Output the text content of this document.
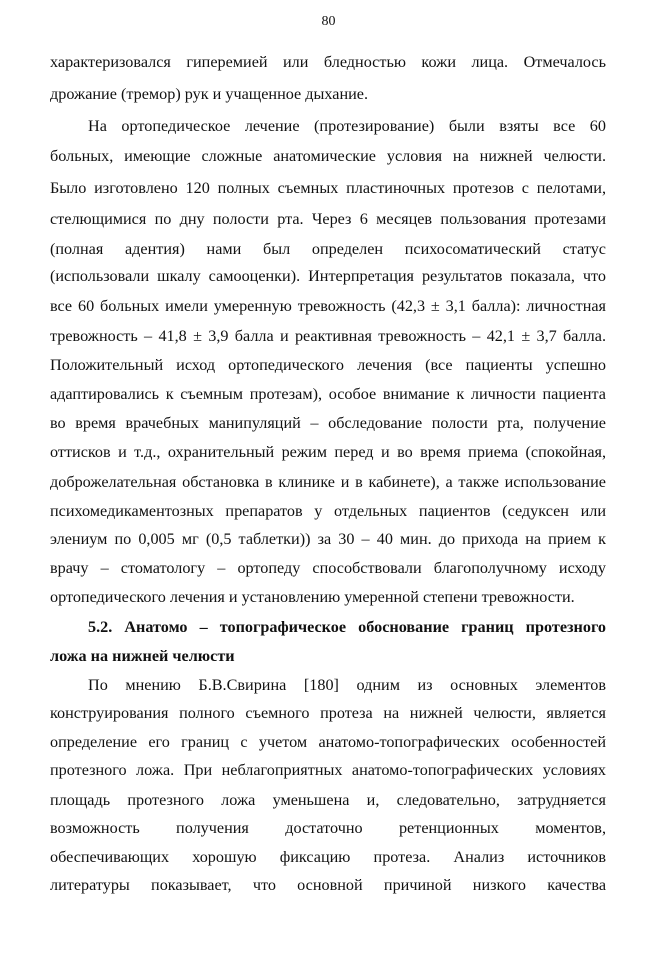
80
характеризовался гиперемией или бледностью кожи лица. Отмечалось
дрожание (тремор) рук и учащенное дыхание.
На ортопедическое лечение (протезирование) были взяты все 60
больных, имеющие сложные анатомические условия на нижней челюсти.
Было изготовлено 120 полных съемных пластиночных протезов с пелотами,
стелющимися по дну полости рта. Через 6 месяцев пользования протезами
(полная адентия) нами был определен психосоматический статус
(использовали шкалу самооценки). Интерпретация результатов показала, что
все 60 больных имели умеренную тревожность (42,3 ± 3,1 балла): личностная
тревожность – 41,8 ± 3,9 балла и реактивная тревожность – 42,1 ± 3,7 балла.
Положительный исход ортопедического лечения (все пациенты успешно
адаптировались к съемным протезам), особое внимание к личности пациента
во время врачебных манипуляций – обследование полости рта, получение
оттисков и т.д., охранительный режим перед и во время приема (спокойная,
доброжелательная обстановка в клинике и в кабинете), а также использование
психомедикаментозных препаратов у отдельных пациентов (седуксен или
элениум по 0,005 мг (0,5 таблетки)) за 30 – 40 мин. до прихода на прием к
врачу – стоматологу – ортопеду способствовали благополучному исходу
ортопедического лечения и установлению умеренной степени тревожности.
5.2. Анатомо – топографическое обоснование границ протезного
ложа на нижней челюсти
По мнению Б.В.Свирина [180] одним из основных элементов
конструирования полного съемного протеза на нижней челюсти, является
определение его границ с учетом анатомо-топографических особенностей
протезного ложа. При неблагоприятных анатомо-топографических условиях
площадь протезного ложа уменьшена и, следовательно, затрудняется
возможность получения достаточно ретенционных моментов,
обеспечивающих хорошую фиксацию протеза. Анализ источников
литературы показывает, что основной причиной низкого качества
